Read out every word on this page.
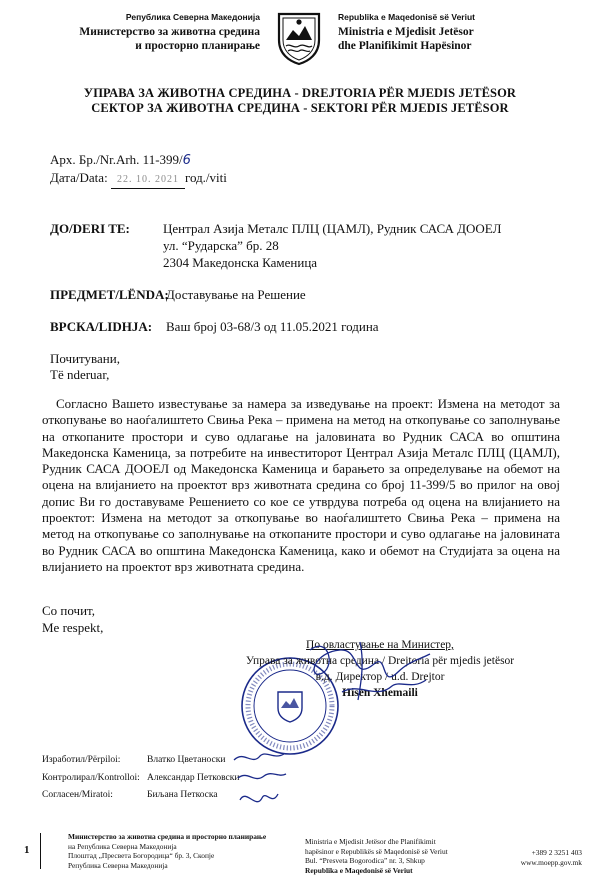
Република Северна Македонија
Министерство за животна средина
и просторно планирање
Republika e Maqedonisë së Veriut
Ministria e Mjedisit Jetësor
dhe Planifikimit Hapësinor
УПРАВА ЗА ЖИВОТНА СРЕДИНА - DREJTORIA PËR MJEDIS JETËSOR
СЕКТОР ЗА ЖИВОТНА СРЕДИНА - SEKTORI PËR MJEDIS JETËSOR
Арх. Бр./Nr.Arh. 11-399/6
Дата/Data: 22. 10. 2021 год./viti
ДО/DERI TE:	Централ Азија Металс ПЛЦ (ЦАМЛ), Рудник САСА ДООЕЛ
ул. “Рударска” бр. 28
2304 Македонска Каменица
ПРЕДМЕТ/LËNDA:
Доставување на Решение
ВРСКА/LIDHJA: Ваш број 03-68/3 од 11.05.2021 година
Почитувани,
Të nderuar,
Согласно Вашето известување за намера за изведување на проект: Измена на методот за откопување во наоѓалиштето Свиња Река – примена на метод на откопување со заполнување на откопаните простори и суво одлагање на јаловината во Рудник САСА во општина Македонска Каменица, за потребите на инвеститорот Централ Азија Металс ПЛЦ (ЦАМЛ), Рудник САСА ДООЕЛ од Македонска Каменица и барањето за определување на обемот на оцена на влијанието на проектот врз животната средина со број 11-399/5 во прилог на овој допис Ви го доставуваме Решението со кое се утврдува потреба од оцена на влијанието на проектот: Измена на методот за откопување во наоѓалиштето Свиња Река – примена на метод на откопување со заполнување на откопаните простори и суво одлагање на јаловината во Рудник САСА во општина Македонска Каменица, како и обемот на Студијата за оцена на влијанието на проектот врз животната средина.
Со почит,
Me respekt,
По овластување на Министер,
Управа за животна средина / Drejtoria për mjedis jetësor
в.д. Директор / u.d. Drejtor
Hisen Xhemaili
Изработил/Përpiloi:	Влатко Цветаноски
Контролирал/Kontrolloi: Александар Петковски
Согласен/Miratoi:	Биљана Петкоска
1
Министерство за животна средина и просторно планирање
на Република Северна Македонија
Плоштад „Пресвета Богородица“ бр. 3, Скопје
Република Северна Македонија
Ministria e Mjedisit Jetësor dhe Planifikimit
hapësinor e Republikës së Maqedonisë së Veriut
Bul. “Presveta Bogorodica” nr. 3, Shkup
Republika e Maqedonisë së Veriut
+389 2 3251 403
www.moepp.gov.mk
